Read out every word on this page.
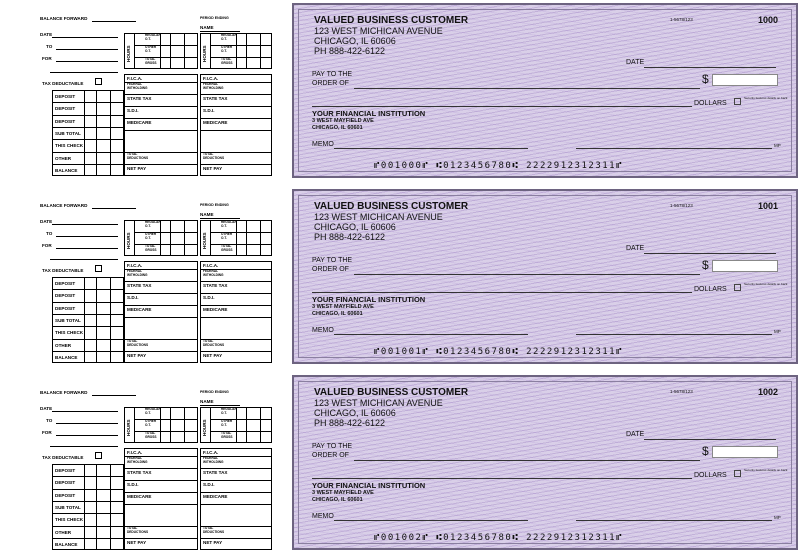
BALANCE FORWARD
DATE
TO
FOR
PERIOD ENDING
NAME
HOURS
REGULAR
O.T.
OTHER
O.T.
TOTAL
GROSS
HOURS
REGULAR
O.T.
OTHER
O.T.
TOTAL
GROSS
TAX DEDUCTABLE
DEPOSIT
DEPOSIT
DEPOSIT
SUB TOTAL
THIS CHECK
OTHER
BALANCE
F.I.C.A.	F.I.C.A.
FEDERAL
WITHOLDING
FEDERAL
WITHOLDING
STATE TAX	STATE TAX
S.D.I.	S.D.I.
MEDICARE	MEDICARE
TOTAL
DEDUCTIONS
TOTAL
DEDUCTIONS
NET PAY	NET PAY
BALANCE FORWARD
DATE
TO
FOR
PERIOD ENDING
NAME
HOURS
REGULAR
O.T.
OTHER
O.T.
TOTAL
GROSS
HOURS
REGULAR
O.T.
OTHER
O.T.
TOTAL
GROSS
TAX DEDUCTABLE
DEPOSIT
DEPOSIT
DEPOSIT
SUB TOTAL
THIS CHECK
OTHER
BALANCE
F.I.C.A.	F.I.C.A.
FEDERAL
WITHOLDING
FEDERAL
WITHOLDING
STATE TAX	STATE TAX
S.D.I.	S.D.I.
MEDICARE	MEDICARE
TOTAL
DEDUCTIONS
TOTAL
DEDUCTIONS
NET PAY	NET PAY
BALANCE FORWARD
DATE
TO
FOR
PERIOD ENDING
NAME
HOURS
REGULAR
O.T.
OTHER
O.T.
TOTAL
GROSS
HOURS
REGULAR
O.T.
OTHER
O.T.
TOTAL
GROSS
TAX DEDUCTABLE
DEPOSIT
DEPOSIT
DEPOSIT
SUB TOTAL
THIS CHECK
OTHER
BALANCE
F.I.C.A.	F.I.C.A.
FEDERAL
WITHOLDING
FEDERAL
WITHOLDING
STATE TAX	STATE TAX
S.D.I.	S.D.I.
MEDICARE	MEDICARE
TOTAL
DEDUCTIONS
TOTAL
DEDUCTIONS
NET PAY	NET PAY
VALUED BUSINESS CUSTOMER
123 WEST MICHICAN AVENUE
CHICAGO, IL 60606
PH 888-422-6122
1-5678/123	1000
DATE
PAY TO THE
ORDER OF	$
DOLLARS
Security features details on back
YOUR FINANCIAL INSTITUTION
3 WEST MAYFIELD AVE
CHICAGO, IL 60601
MEMO	MP
⑈001000⑈ ⑆0123456780⑆ 2222912312311⑈
VALUED BUSINESS CUSTOMER
123 WEST MICHICAN AVENUE
CHICAGO, IL 60606
PH 888-422-6122
1-5678/123	1001
DATE
PAY TO THE
ORDER OF	$
DOLLARS
Security features details on back
YOUR FINANCIAL INSTITUTION
3 WEST MAYFIELD AVE
CHICAGO, IL 60601
MEMO	MP
⑈001001⑈ ⑆0123456780⑆ 2222912312311⑈
VALUED BUSINESS CUSTOMER
123 WEST MICHICAN AVENUE
CHICAGO, IL 60606
PH 888-422-6122
1-5678/123	1002
DATE
PAY TO THE
ORDER OF	$
DOLLARS
Security features details on back
YOUR FINANCIAL INSTITUTION
3 WEST MAYFIELD AVE
CHICAGO, IL 60601
MEMO	MP
⑈001002⑈ ⑆0123456780⑆ 2222912312311⑈
